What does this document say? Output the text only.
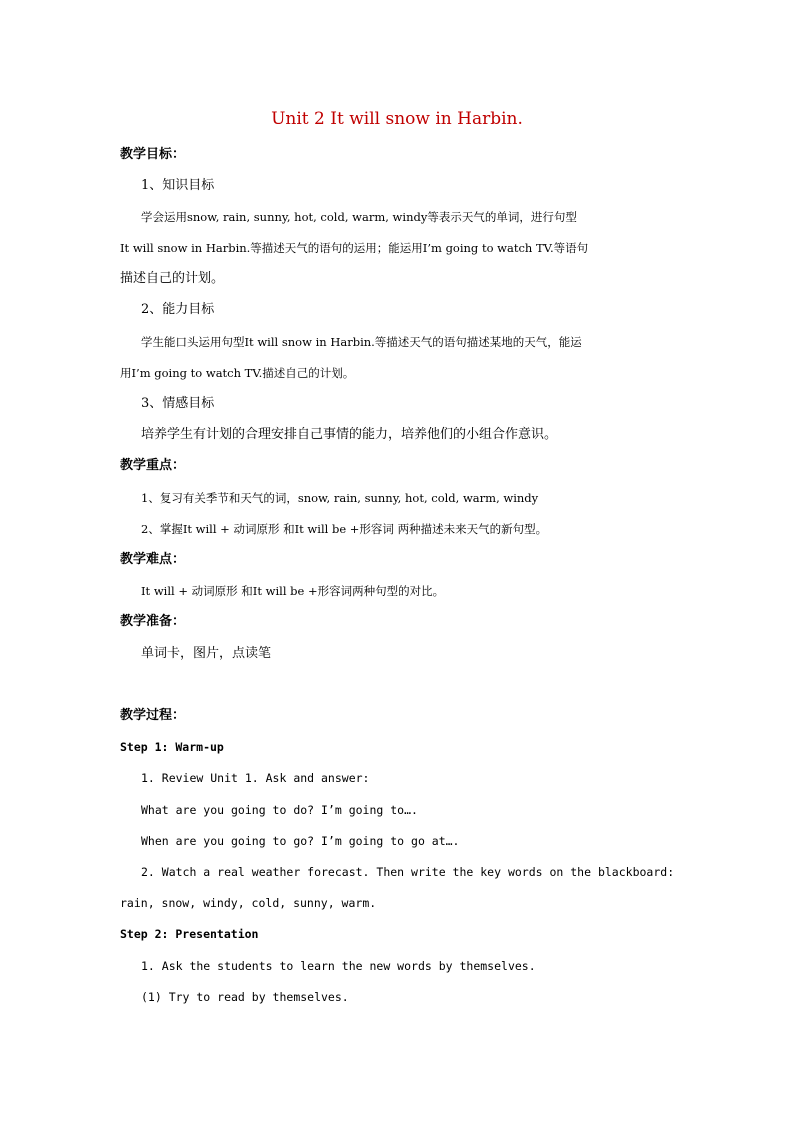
Unit 2 It will snow in Harbin.
教学目标：
1、知识目标
学会运用snow, rain, sunny, hot, cold, warm, windy等表示天气的单词，进行句型
It will snow in Harbin.等描述天气的语句的运用；能运用I’m going to watch TV.等语句
描述自己的计划。
2、能力目标
学生能口头运用句型It will snow in Harbin.等描述天气的语句描述某地的天气，能运
用I’m going to watch TV.描述自己的计划。
3、情感目标
培养学生有计划的合理安排自己事情的能力，培养他们的小组合作意识。
教学重点：
1、复习有关季节和天气的词，snow, rain, sunny, hot, cold, warm, windy
2、掌握It will + 动词原形 和It will be +形容词 两种描述未来天气的新句型。
教学难点：
It will + 动词原形 和It will be +形容词两种句型的对比。
教学准备：
单词卡，图片，点读笔
教学过程：
Step 1: Warm-up
1. Review Unit 1. Ask and answer:
What are you going to do? I’m going to….
When are you going to go? I’m going to go at….
2. Watch a real weather forecast. Then write the key words on the blackboard:
rain, snow, windy, cold, sunny, warm.
Step 2: Presentation
1. Ask the students to learn the new words by themselves.
(1) Try to read by themselves.
